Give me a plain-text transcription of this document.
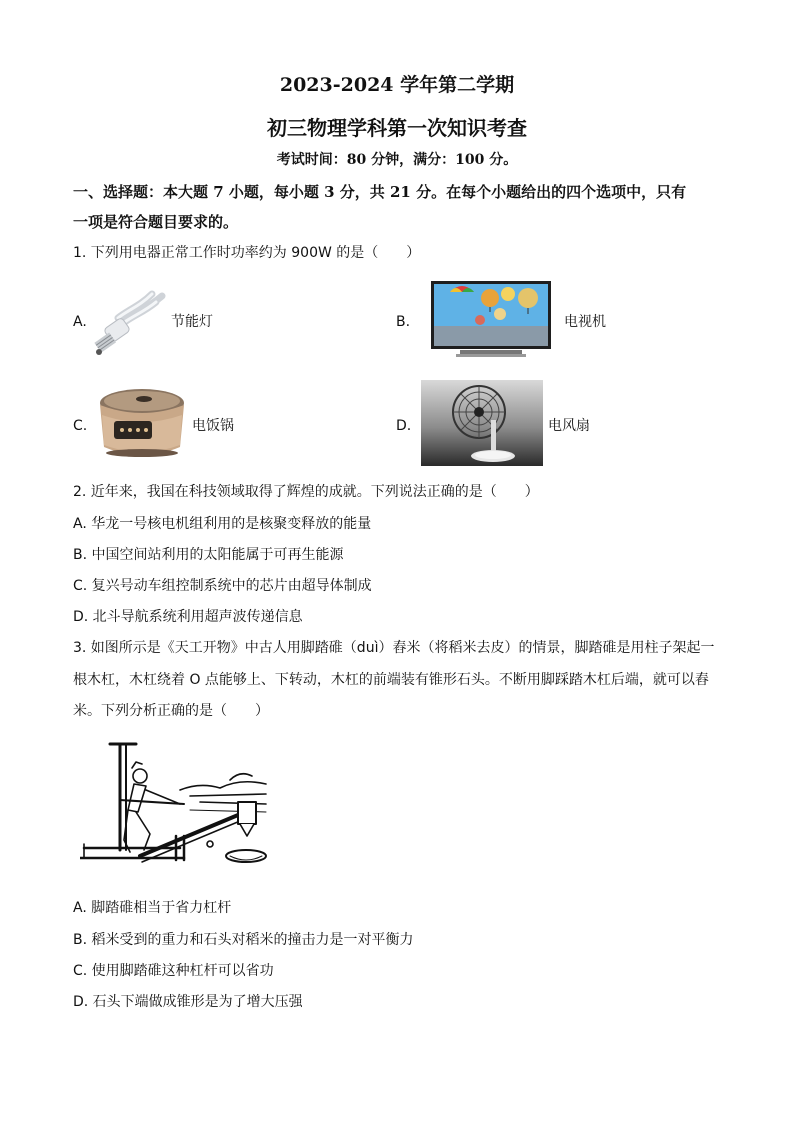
2023-2024 学年第二学期
初三物理学科第一次知识考查
考试时间：80 分钟，满分：100 分。
一、选择题：本大题 7 小题，每小题 3 分，共 21 分。在每个小题给出的四个选项中，只有
一项是符合题目要求的。
1. 下列用电器正常工作时功率约为 900W 的是（　　）
A.	节能灯	B.	电视机
C.	电饭锅	D.	电风扇
2. 近年来，我国在科技领域取得了辉煌的成就。下列说法正确的是（　　）
A. 华龙一号核电机组利用的是核聚变释放的能量
B. 中国空间站利用的太阳能属于可再生能源
C. 复兴号动车组控制系统中的芯片由超导体制成
D. 北斗导航系统利用超声波传递信息
3. 如图所示是《天工开物》中古人用脚踏碓（duì）舂米（将稻米去皮）的情景，脚踏碓是用柱子架起一
根木杠，木杠绕着 O 点能够上、下转动，木杠的前端装有锥形石头。不断用脚踩踏木杠后端，就可以舂
米。下列分析正确的是（　　）
A. 脚踏碓相当于省力杠杆
B. 稻米受到的重力和石头对稻米的撞击力是一对平衡力
C. 使用脚踏碓这种杠杆可以省功
D. 石头下端做成锥形是为了增大压强
